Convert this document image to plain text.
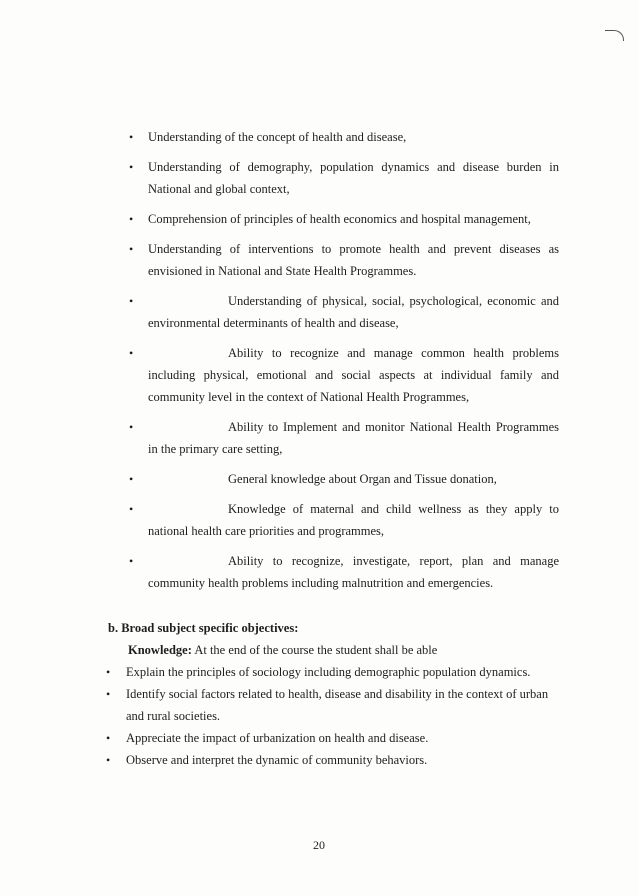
• Understanding of the concept of health and disease,
• Understanding of demography, population dynamics and disease burden in National and global context,
• Comprehension of principles of health economics and hospital management,
• Understanding of interventions to promote health and prevent diseases as envisioned in National and State Health Programmes.
•	Understanding of physical, social, psychological, economic and environmental determinants of health and disease,
•	Ability to recognize and manage common health problems including physical, emotional and social aspects at individual family and community level in the context of National Health Programmes,
•	Ability to Implement and monitor National Health Programmes in the primary care setting,
•	General knowledge about Organ and Tissue donation,
•	Knowledge of maternal and child wellness as they apply to national health care priorities and programmes,
•	Ability to recognize, investigate, report, plan and manage community health problems including malnutrition and emergencies.
b. Broad subject specific objectives:
Knowledge: At the end of the course the student shall be able
• Explain the principles of sociology including demographic population dynamics.
• Identify social factors related to health, disease and disability in the context of urban and rural societies.
• Appreciate the impact of urbanization on health and disease.
• Observe and interpret the dynamic of community behaviors.
20
